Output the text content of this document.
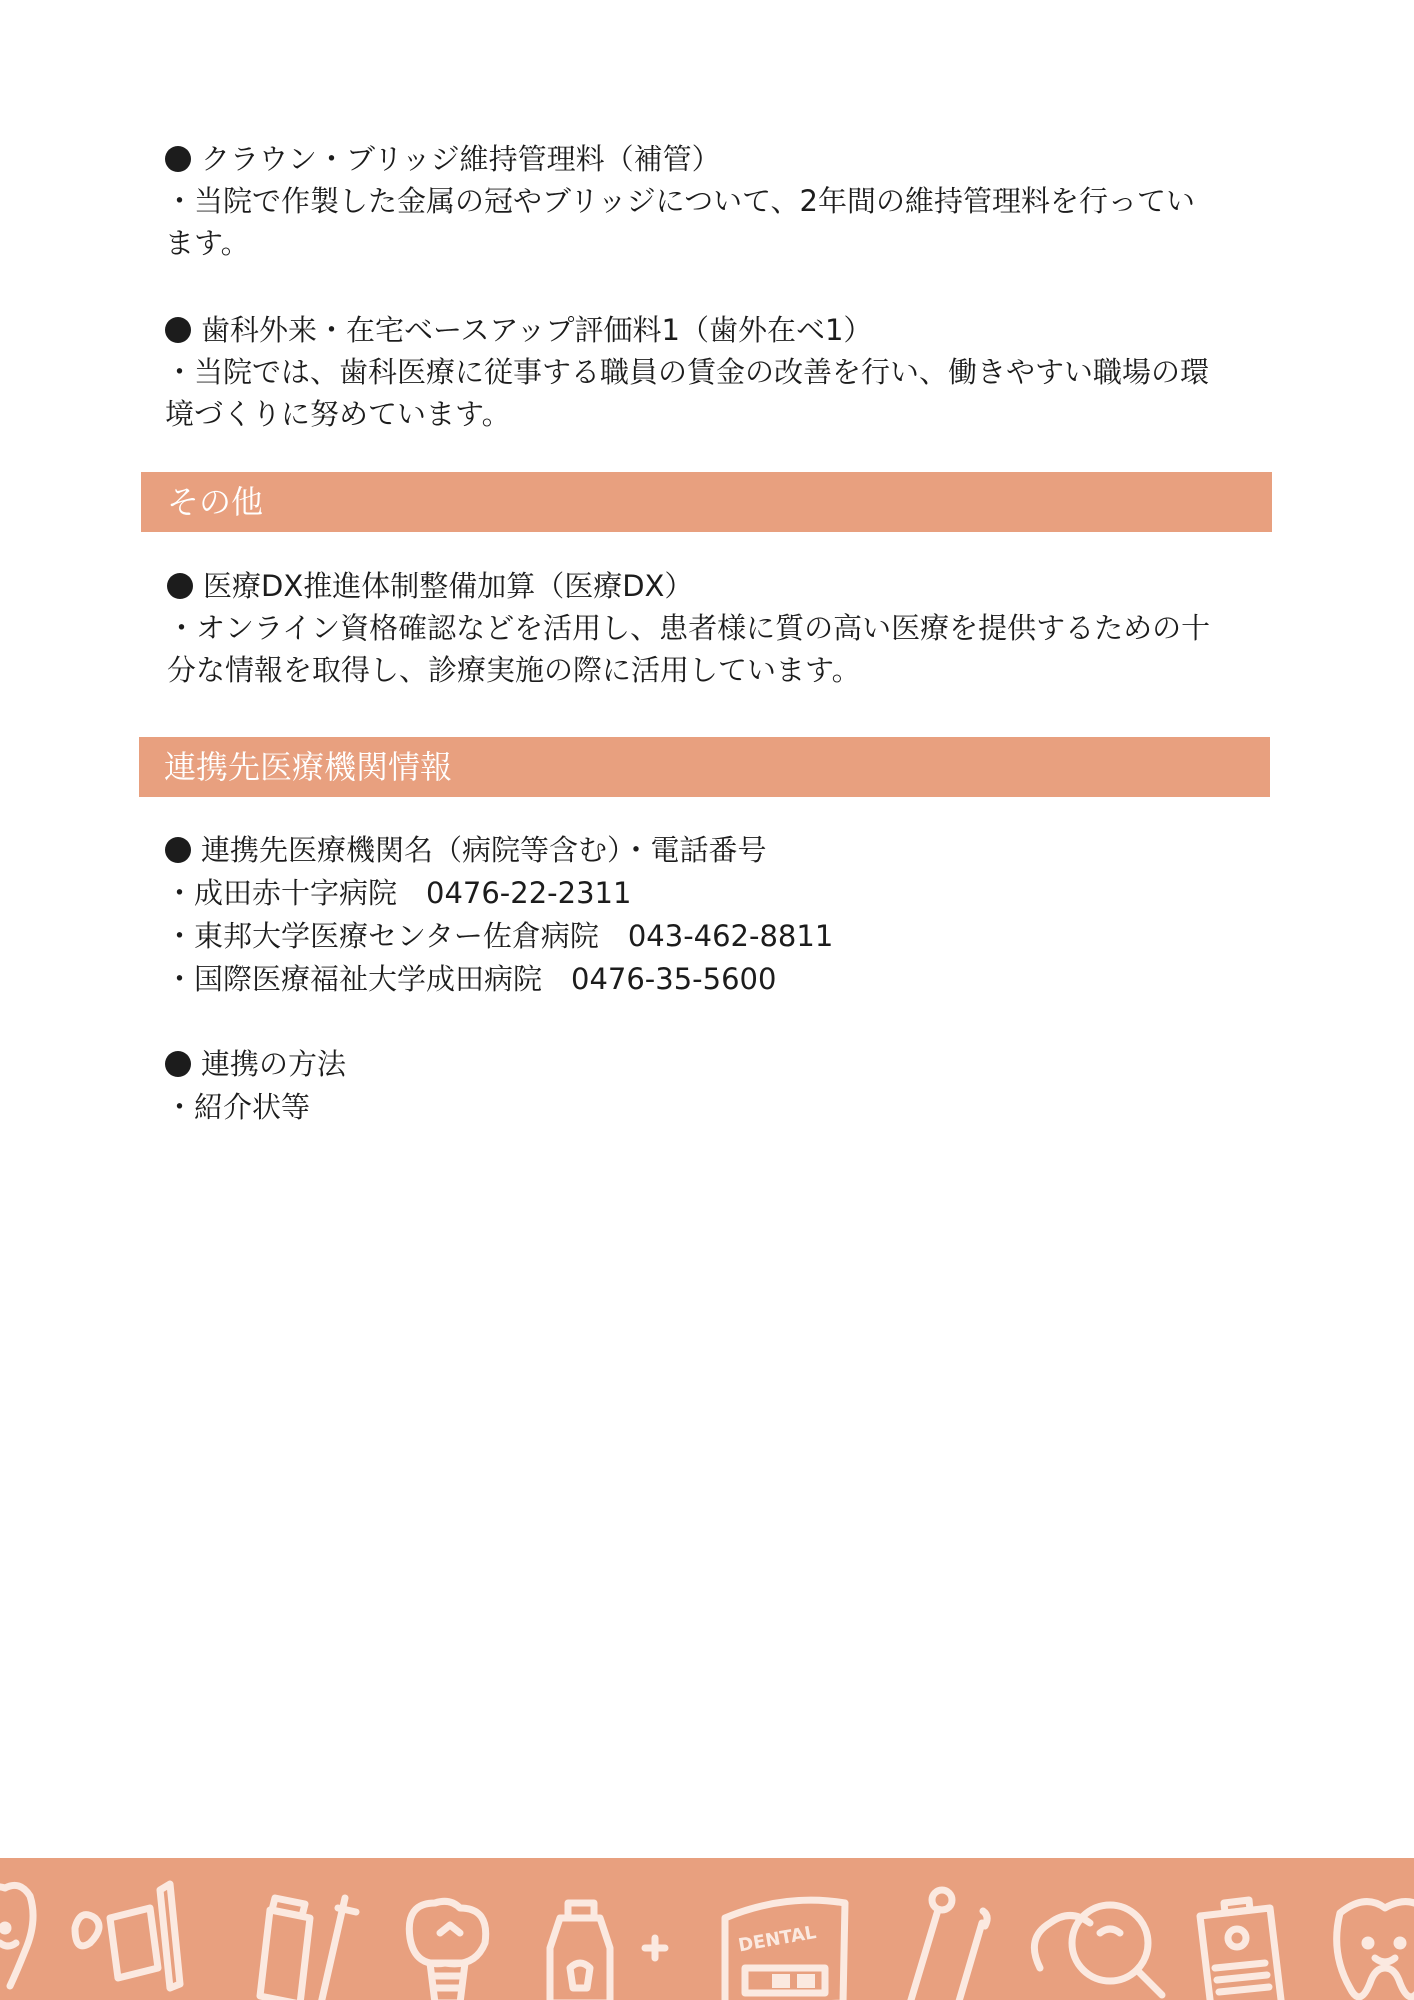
クラウン・ブリッジ維持管理料（補管）
・当院で作製した金属の冠やブリッジについて、2年間の維持管理料を行ってい
ます。
歯科外来・在宅ベースアップ評価料1（歯外在ベ1）
・当院では、歯科医療に従事する職員の賃金の改善を行い、働きやすい職場の環
境づくりに努めています。
その他
医療DX推進体制整備加算（医療DX）
・オンライン資格確認などを活用し、患者様に質の高い医療を提供するための十
分な情報を取得し、診療実施の際に活用しています。
連携先医療機関情報
連携先医療機関名（病院等含む）・電話番号
・成田赤十字病院　0476-22-2311
・東邦大学医療センター佐倉病院　043-462-8811
・国際医療福祉大学成田病院　0476-35-5600
連携の方法
・紹介状等
DENTAL
